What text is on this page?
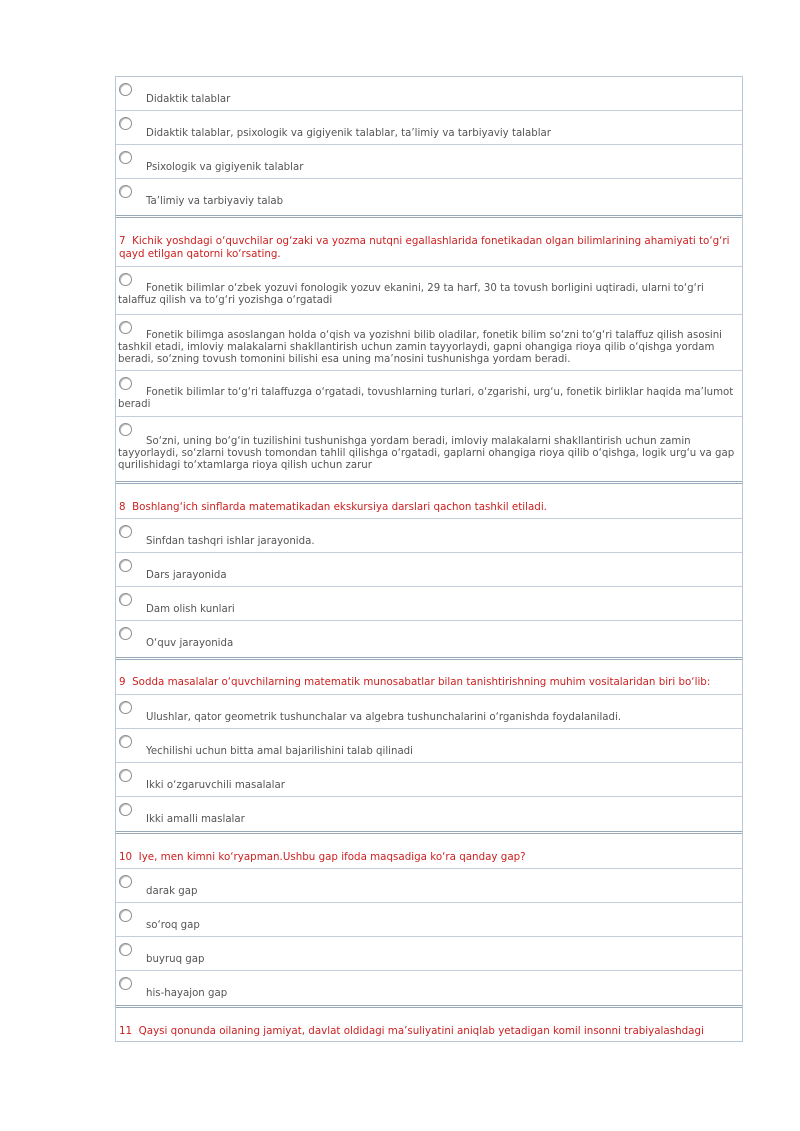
Didaktik talablar
Didaktik talablar, psixologik va gigiyenik talablar, ta’limiy va tarbiyaviy talablar
Psixologik va gigiyenik talablar
Ta’limiy va tarbiyaviy talab
7 Kichik yoshdagi o‘quvchilar og‘zaki va yozma nutqni egallashlarida fonetikadan olgan bilimlarining ahamiyati to‘g‘ri qayd etilgan qatorni ko‘rsating.
Fonetik bilimlar o‘zbek yozuvi fonologik yozuv ekanini, 29 ta harf, 30 ta tovush borligini uqtiradi, ularni to‘g‘ri talaffuz qilish va to‘g‘ri yozishga o‘rgatadi
Fonetik bilimga asoslangan holda o‘qish va yozishni bilib oladilar, fonetik bilim so‘zni to‘g‘ri talaffuz qilish asosini tashkil etadi, imloviy malakalarni shakllantirish uchun zamin tayyorlaydi, gapni ohangiga rioya qilib o‘qishga yordam beradi, so‘zning tovush tomonini bilishi esa uning ma’nosini tushunishga yordam beradi.
Fonetik bilimlar to‘g‘ri talaffuzga o‘rgatadi, tovushlarning turlari, o‘zgarishi, urg‘u, fonetik birliklar haqida ma’lumot beradi
So‘zni, uning bo‘g‘in tuzilishini tushunishga yordam beradi, imloviy malakalarni shakllantirish uchun zamin tayyorlaydi, so‘zlarni tovush tomondan tahlil qilishga o‘rgatadi, gaplarni ohangiga rioya qilib o‘qishga, logik urg‘u va gap qurilishidagi to‘xtamlarga rioya qilish uchun zarur
8 Boshlang‘ich sinflarda matematikadan ekskursiya darslari qachon tashkil etiladi.
Sinfdan tashqri ishlar jarayonida.
Dars jarayonida
Dam olish kunlari
O‘quv jarayonida
9 Sodda masalalar o‘quvchilarning matematik munosabatlar bilan tanishtirishning muhim vositalaridan biri bo‘lib:
Ulushlar, qator geometrik tushunchalar va algebra tushunchalarini o‘rganishda foydalaniladi.
Yechilishi uchun bitta amal bajarilishini talab qilinadi
Ikki o‘zgaruvchili masalalar
Ikki amalli maslalar
10 Iye, men kimni ko‘ryapman.Ushbu gap ifoda maqsadiga ko‘ra qanday gap?
darak gap
so‘roq gap
buyruq gap
his-hayajon gap
11 Qaysi qonunda oilaning jamiyat, davlat oldidagi ma’suliyatini aniqlab yetadigan komil insonni trabiyalashdagi
